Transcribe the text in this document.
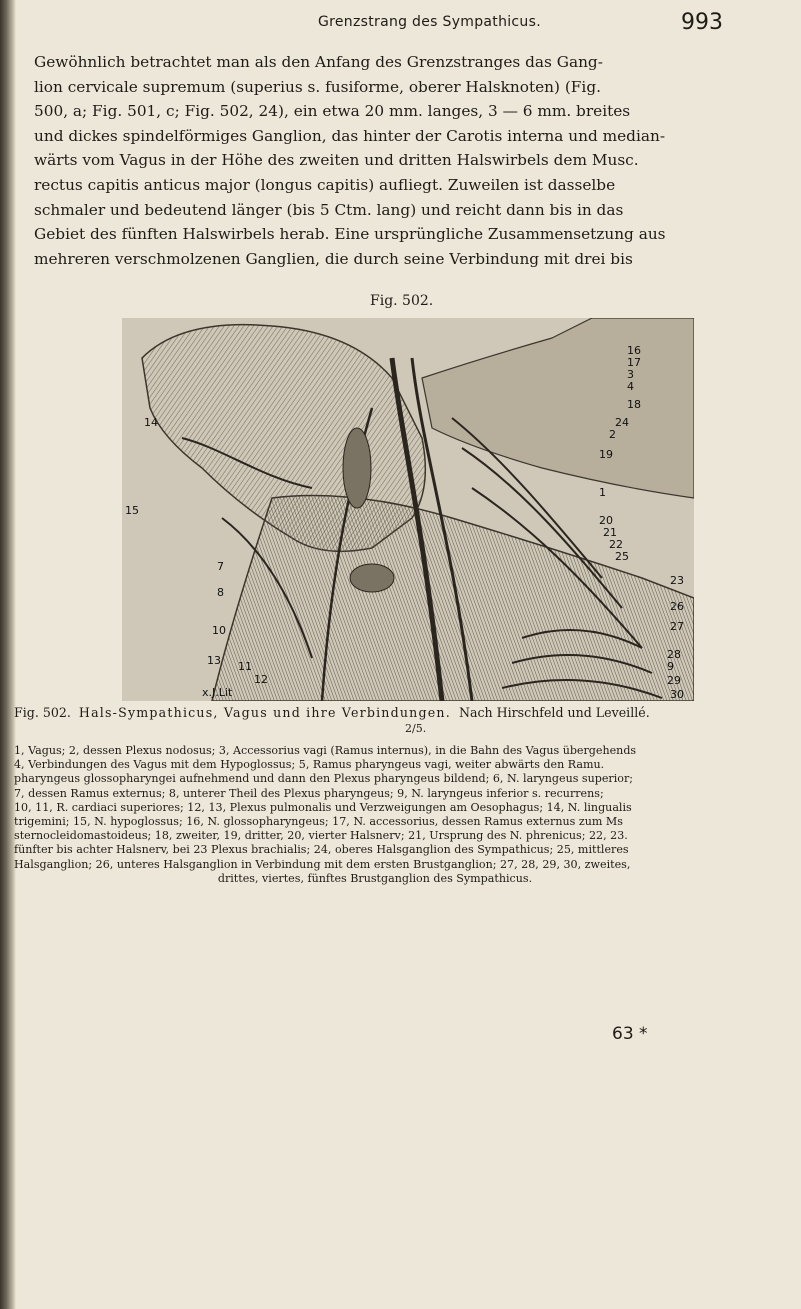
Grenzstrang des Sympathicus.	993
Gewöhnlich betrachtet man als den Anfang des Grenzstranges das Gang-
lion cervicale supremum (superius s. fusiforme, oberer Halsknoten) (Fig.
500, a; Fig. 501, c; Fig. 502, 24), ein etwa 20 mm. langes, 3 — 6 mm. breites
und dickes spindelförmiges Ganglion, das hinter der Carotis interna und median-
wärts vom Vagus in der Höhe des zweiten und dritten Halswirbels dem Musc.
rectus capitis anticus major (longus capitis) aufliegt. Zuweilen ist dasselbe
schmaler und bedeutend länger (bis 5 Ctm. lang) und reicht dann bis in das
Gebiet des fünften Halswirbels herab. Eine ursprüngliche Zusammensetzung aus
mehreren verschmolzenen Ganglien, die durch seine Verbindung mit drei bis
Fig. 502.
x.J.Lit
16
17
3
4
18
24
2
19
1
20
21
22
25
23
26
27
28
9
29
15
30
14
7
8
10
13 11
12
Fig. 502. Hals-Sympathicus, Vagus und ihre Verbindungen. Nach Hirschfeld und Leveillé.
2/5.
1, Vagus; 2, dessen Plexus nodosus; 3, Accessorius vagi (Ramus internus), in die Bahn des Vagus übergehends
4, Verbindungen des Vagus mit dem Hypoglossus; 5, Ramus pharyngeus vagi, weiter abwärts den Ramu.
pharyngeus glossopharyngei aufnehmend und dann den Plexus pharyngeus bildend; 6, N. laryngeus superior;
7, dessen Ramus externus; 8, unterer Theil des Plexus pharyngeus; 9, N. laryngeus inferior s. recurrens;
10, 11, R. cardiaci superiores; 12, 13, Plexus pulmonalis und Verzweigungen am Oesophagus; 14, N. lingualis
trigemini; 15, N. hypoglossus; 16, N. glossopharyngeus; 17, N. accessorius, dessen Ramus externus zum Ms
sternocleidomastoideus; 18, zweiter, 19, dritter, 20, vierter Halsnerv; 21, Ursprung des N. phrenicus; 22, 23.
fünfter bis achter Halsnerv, bei 23 Plexus brachialis; 24, oberes Halsganglion des Sympathicus; 25, mittleres
Halsganglion; 26, unteres Halsganglion in Verbindung mit dem ersten Brustganglion; 27, 28, 29, 30, zweites,
drittes, viertes, fünftes Brustganglion des Sympathicus.
63 *
